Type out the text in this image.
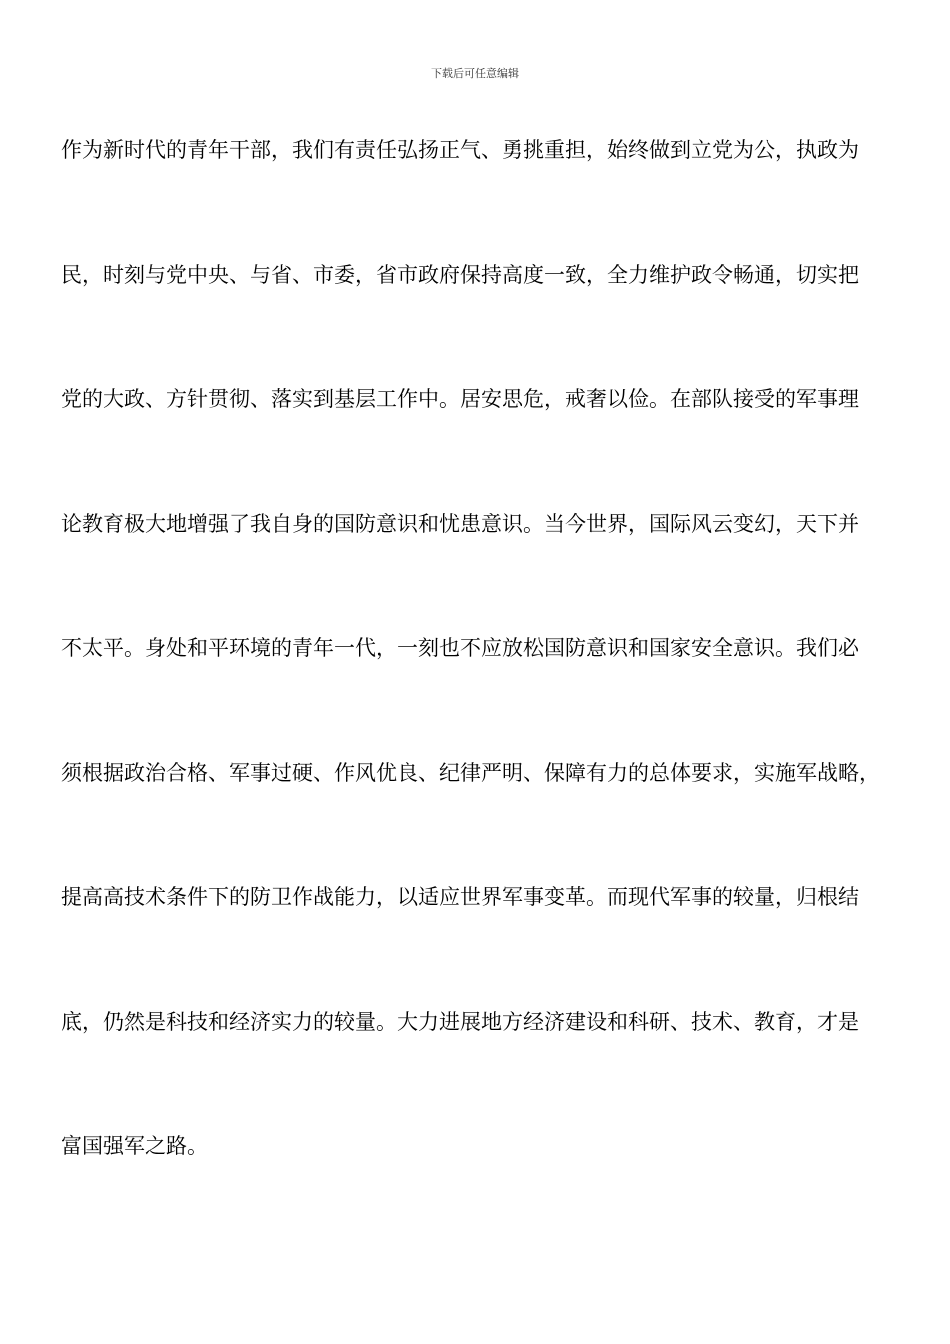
下载后可任意编辑
作为新时代的青年干部，我们有责任弘扬正气、勇挑重担，始终做到立党为公，执政为
民，时刻与党中央、与省、市委，省市政府保持高度一致，全力维护政令畅通，切实把
党的大政、方针贯彻、落实到基层工作中。居安思危，戒奢以俭。在部队接受的军事理
论教育极大地增强了我自身的国防意识和忧患意识。当今世界，国际风云变幻，天下并
不太平。身处和平环境的青年一代，一刻也不应放松国防意识和国家安全意识。我们必
须根据政治合格、军事过硬、作风优良、纪律严明、保障有力的总体要求，实施军战略，
提高高技术条件下的防卫作战能力，以适应世界军事变革。而现代军事的较量，归根结
底，仍然是科技和经济实力的较量。大力进展地方经济建设和科研、技术、教育，才是
富国强军之路。
